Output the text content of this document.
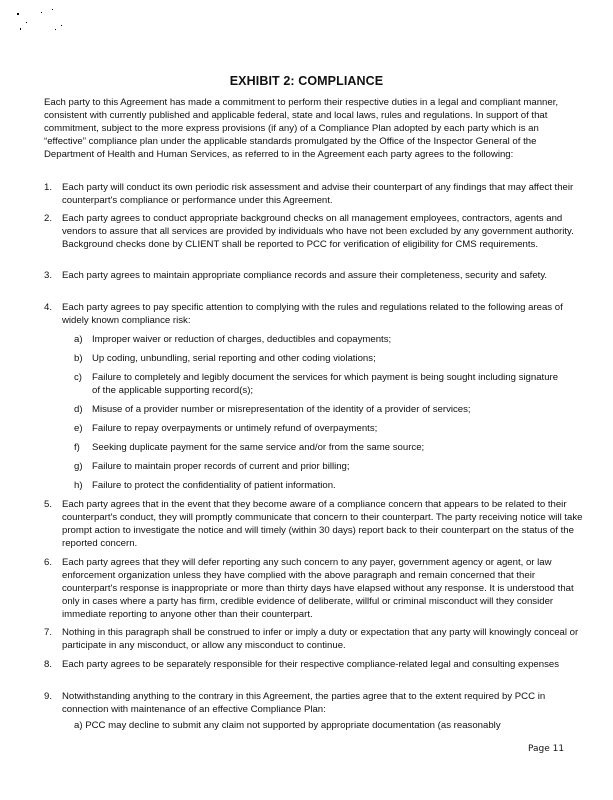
EXHIBIT 2: COMPLIANCE
Each party to this Agreement has made a commitment to perform their respective duties in a legal and compliant manner, consistent with currently published and applicable federal, state and local laws, rules and regulations. In support of that commitment, subject to the more express provisions (if any) of a Compliance Plan adopted by each party which is an “effective” compliance plan under the applicable standards promulgated by the Office of the Inspector General of the Department of Health and Human Services, as referred to in the Agreement each party agrees to the following:
1. Each party will conduct its own periodic risk assessment and advise their counterpart of any findings that may affect their counterpart's compliance or performance under this Agreement.
2. Each party agrees to conduct appropriate background checks on all management employees, contractors, agents and vendors to assure that all services are provided by individuals who have not been excluded by any government authority. Background checks done by CLIENT shall be reported to PCC for verification of eligibility for CMS requirements.
3. Each party agrees to maintain appropriate compliance records and assure their completeness, security and safety.
4. Each party agrees to pay specific attention to complying with the rules and regulations related to the following areas of widely known compliance risk:
a) Improper waiver or reduction of charges, deductibles and copayments;
b) Up coding, unbundling, serial reporting and other coding violations;
c) Failure to completely and legibly document the services for which payment is being sought including signature of the applicable supporting record(s);
d) Misuse of a provider number or misrepresentation of the identity of a provider of services;
e) Failure to repay overpayments or untimely refund of overpayments;
f) Seeking duplicate payment for the same service and/or from the same source;
g) Failure to maintain proper records of current and prior billing;
h) Failure to protect the confidentiality of patient information.
5. Each party agrees that in the event that they become aware of a compliance concern that appears to be related to their counterpart's conduct, they will promptly communicate that concern to their counterpart. The party receiving notice will take prompt action to investigate the notice and will timely (within 30 days) report back to their counterpart on the status of the reported concern.
6. Each party agrees that they will defer reporting any such concern to any payer, government agency or agent, or law enforcement organization unless they have complied with the above paragraph and remain concerned that their counterpart's response is inappropriate or more than thirty days have elapsed without any response. It is understood that only in cases where a party has firm, credible evidence of deliberate, willful or criminal misconduct will they consider immediate reporting to anyone other than their counterpart.
7. Nothing in this paragraph shall be construed to infer or imply a duty or expectation that any party will knowingly conceal or participate in any misconduct, or allow any misconduct to continue.
8. Each party agrees to be separately responsible for their respective compliance-related legal and consulting expenses
9. Notwithstanding anything to the contrary in this Agreement, the parties agree that to the extent required by PCC in connection with maintenance of an effective Compliance Plan:
a) PCC may decline to submit any claim not supported by appropriate documentation (as reasonably
Page 11
